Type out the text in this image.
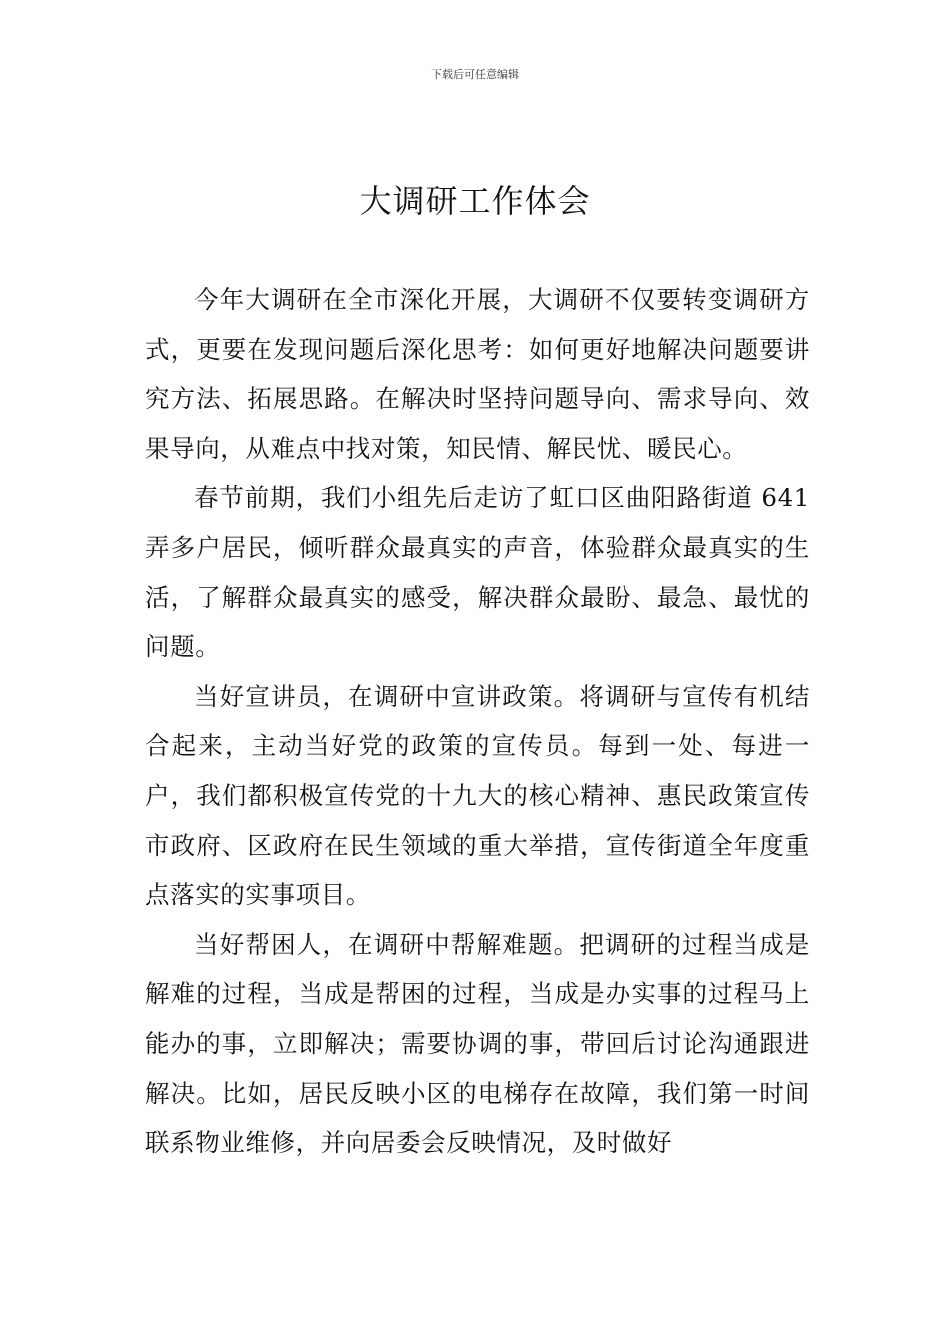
下载后可任意编辑
大调研工作体会

今年大调研在全市深化开展，大调研不仅要转变调研方式，更要在发现问题后深化思考：如何更好地解决问题要讲究方法、拓展思路。在解决时坚持问题导向、需求导向、效果导向，从难点中找对策，知民情、解民忧、暖民心。

春节前期，我们小组先后走访了虹口区曲阳路街道 641弄多户居民，倾听群众最真实的声音，体验群众最真实的生活，了解群众最真实的感受，解决群众最盼、最急、最忧的问题。

当好宣讲员，在调研中宣讲政策。将调研与宣传有机结合起来，主动当好党的政策的宣传员。每到一处、每进一户，我们都积极宣传党的十九大的核心精神、惠民政策宣传市政府、区政府在民生领域的重大举措，宣传街道全年度重点落实的实事项目。

当好帮困人，在调研中帮解难题。把调研的过程当成是解难的过程，当成是帮困的过程，当成是办实事的过程马上能办的事，立即解决；需要协调的事，带回后讨论沟通跟进解决。比如，居民反映小区的电梯存在故障，我们第一时间联系物业维修，并向居委会反映情况，及时做好
